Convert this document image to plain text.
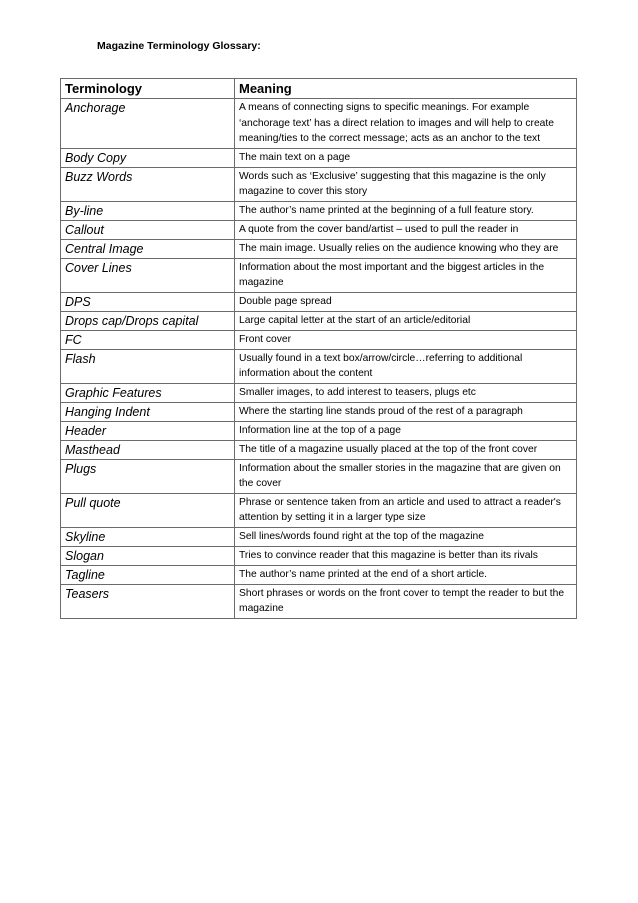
Magazine Terminology Glossary:
Terminology	Meaning
Anchorage	A means of connecting signs to specific meanings. For example ‘anchorage text’ has a direct relation to images and will help to create meaning/ties to the correct message; acts as an anchor to the text
Body Copy	The main text on a page
Buzz Words	Words such as ‘Exclusive’ suggesting that this magazine is the only magazine to cover this story
By-line	The author’s name printed at the beginning of a full feature story.
Callout	A quote from the cover band/artist – used to pull the reader in
Central Image	The main image. Usually relies on the audience knowing who they are
Cover Lines	Information about the most important and the biggest articles in the magazine
DPS	Double page spread
Drops cap/Drops capital	Large capital letter at the start of an article/editorial
FC	Front cover
Flash	Usually found in a text box/arrow/circle…referring to additional information about the content
Graphic Features	Smaller images, to add interest to teasers, plugs etc
Hanging Indent	Where the starting line stands proud of the rest of a paragraph
Header	Information line at the top of a page
Masthead	The title of a magazine usually placed at the top of the front cover
Plugs	Information about the smaller stories in the magazine that are given on the cover
Pull quote	Phrase or sentence taken from an article and used to attract a reader's attention by setting it in a larger type size
Skyline	Sell lines/words found right at the top of the magazine
Slogan	Tries to convince reader that this magazine is better than its rivals
Tagline	The author’s name printed at the end of a short article.
Teasers	Short phrases or words on the front cover to tempt the reader to but the magazine
